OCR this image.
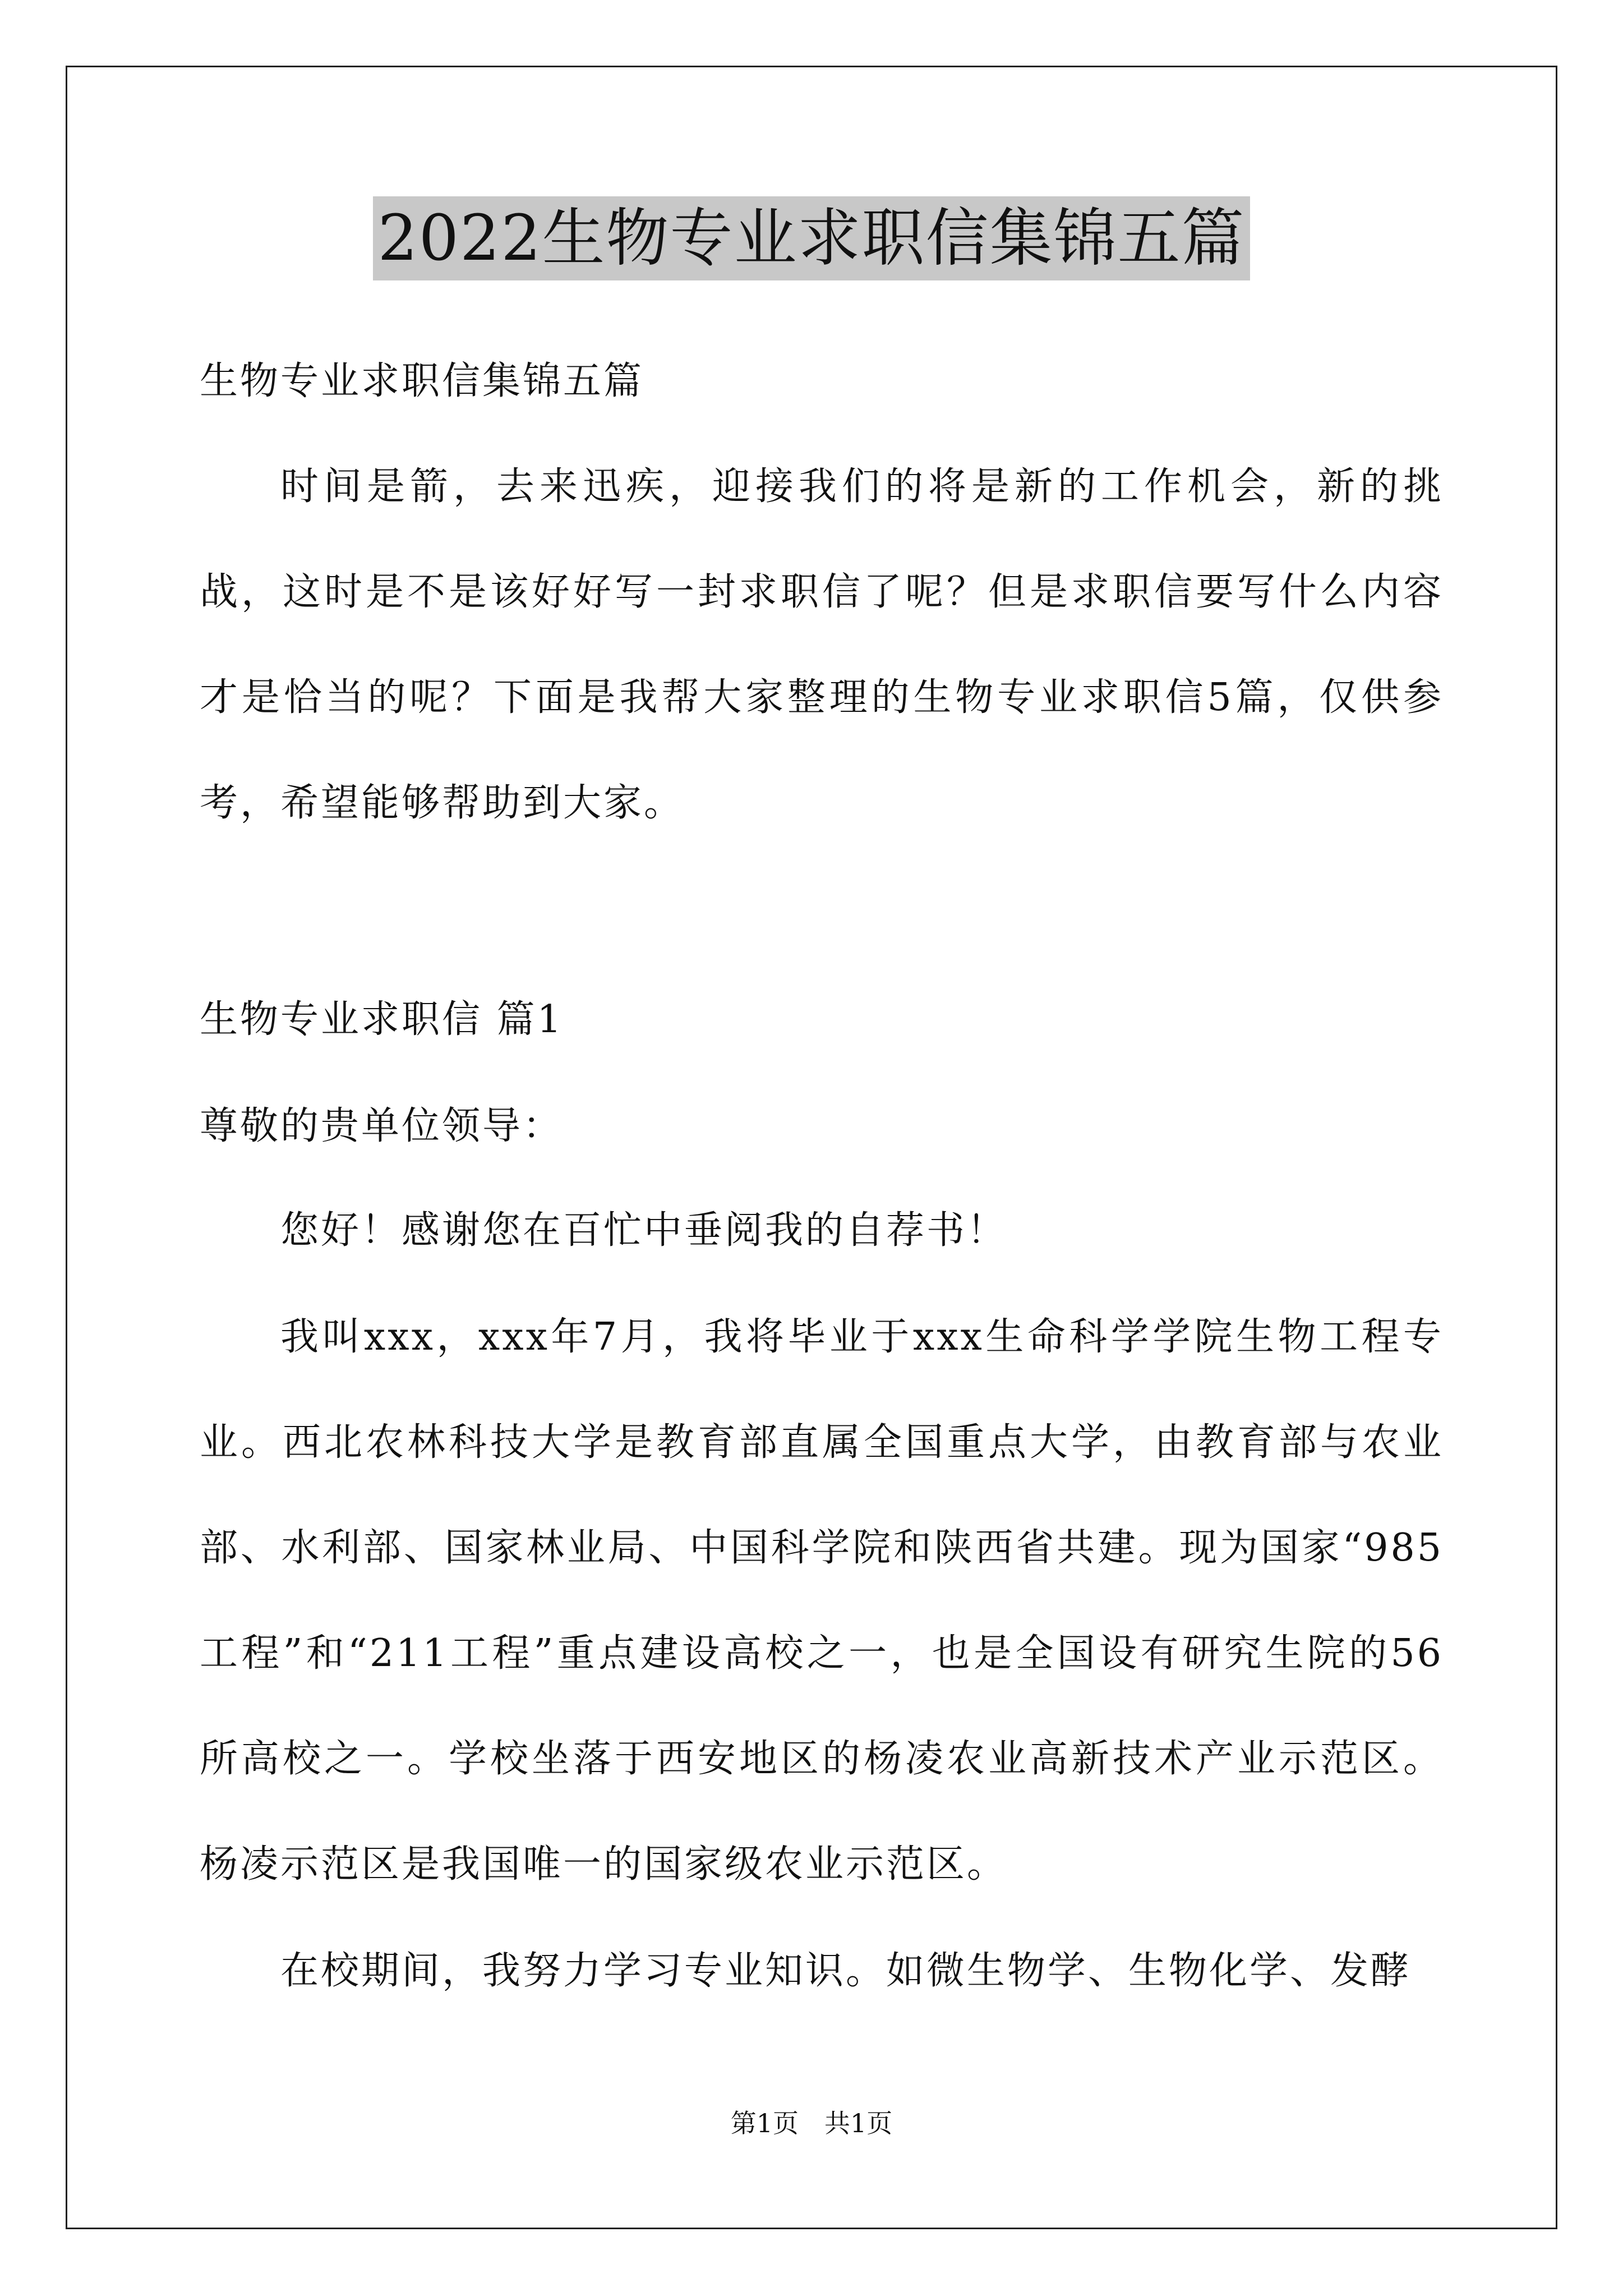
2022生物专业求职信集锦五篇
生物专业求职信集锦五篇
时间是箭，去来迅疾，迎接我们的将是新的工作机会，新的挑战，这时是不是该好好写一封求职信了呢？但是求职信要写什么内容才是恰当的呢？下面是我帮大家整理的生物专业求职信5篇，仅供参考，希望能够帮助到大家。
生物专业求职信 篇1
尊敬的贵单位领导：
您好！感谢您在百忙中垂阅我的自荐书！
我叫xxx，xxx年7月，我将毕业于xxx生命科学学院生物工程专业。西北农林科技大学是教育部直属全国重点大学，由教育部与农业部、水利部、国家林业局、中国科学院和陕西省共建。现为国家“985工程”和“211工程”重点建设高校之一，也是全国设有研究生院的56所高校之一。学校坐落于西安地区的杨凌农业高新技术产业示范区。杨凌示范区是我国唯一的国家级农业示范区。
在校期间，我努力学习专业知识。如微生物学、生物化学、发酵
第1页　共1页
